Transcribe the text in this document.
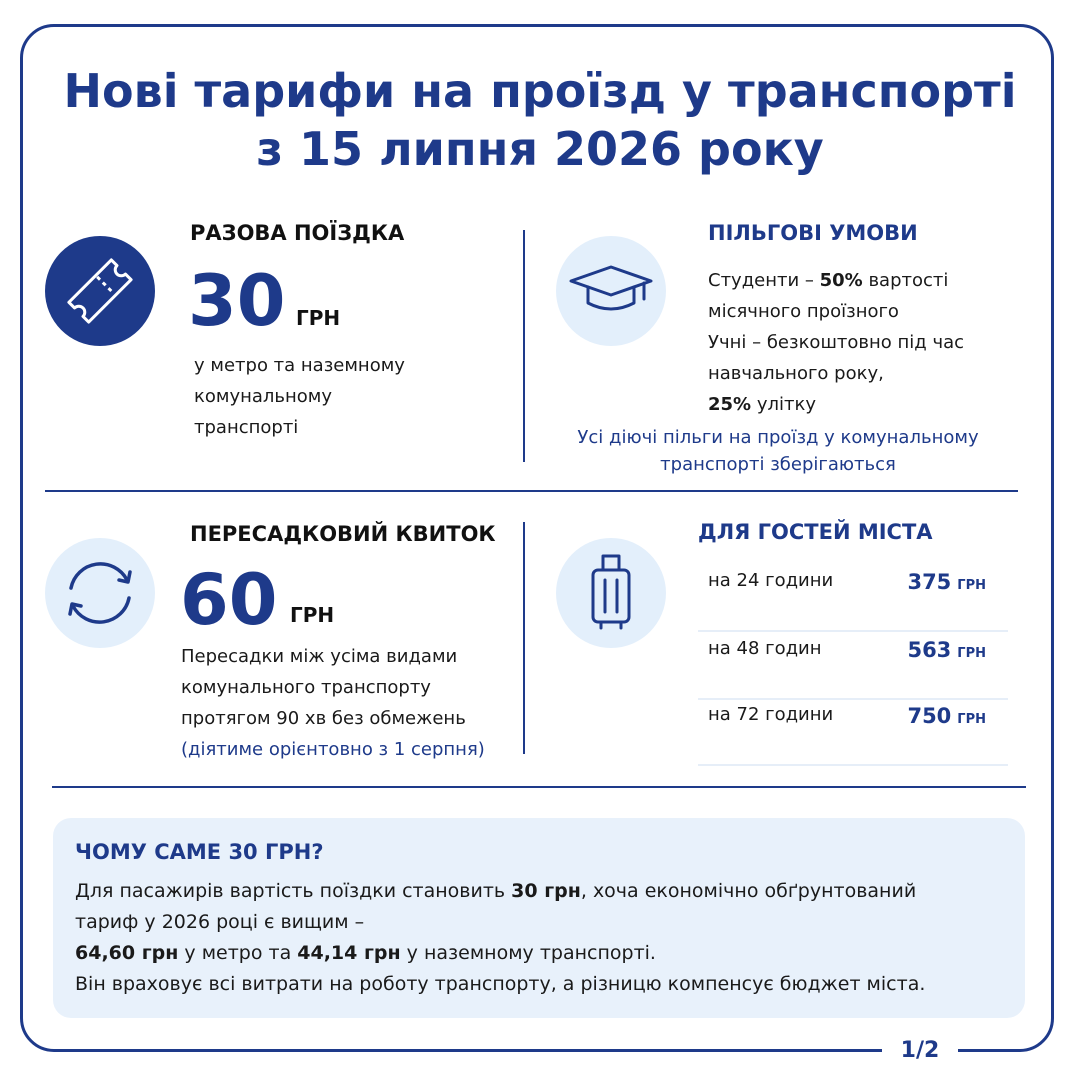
Нові тарифи на проїзд у транспорті
з 15 липня 2026 року
РАЗОВА ПОЇЗДКА
30 ГРН
у метро та наземному
комунальному
транспорті
ПІЛЬГОВІ УМОВИ
Студенти – 50% вартості
місячного проїзного
Учні – безкоштовно під час
навчального року,
25% улітку
Усі діючі пільги на проїзд у комунальному
транспорті зберігаються
ПЕРЕСАДКОВИЙ КВИТОК
60 ГРН
Пересадки між усіма видами
комунального транспорту
протягом 90 хв без обмежень
(діятиме орієнтовно з 1 серпня)
ДЛЯ ГОСТЕЙ МІСТА
на 24 години	375 ГРН
на 48 годин	563 ГРН
на 72 години	750 ГРН
ЧОМУ САМЕ 30 ГРН?
Для пасажирів вартість поїздки становить 30 грн, хоча економічно обґрунтований
тариф у 2026 році є вищим –
64,60 грн у метро та 44,14 грн у наземному транспорті.
Він враховує всі витрати на роботу транспорту, а різницю компенсує бюджет міста.
1/2
